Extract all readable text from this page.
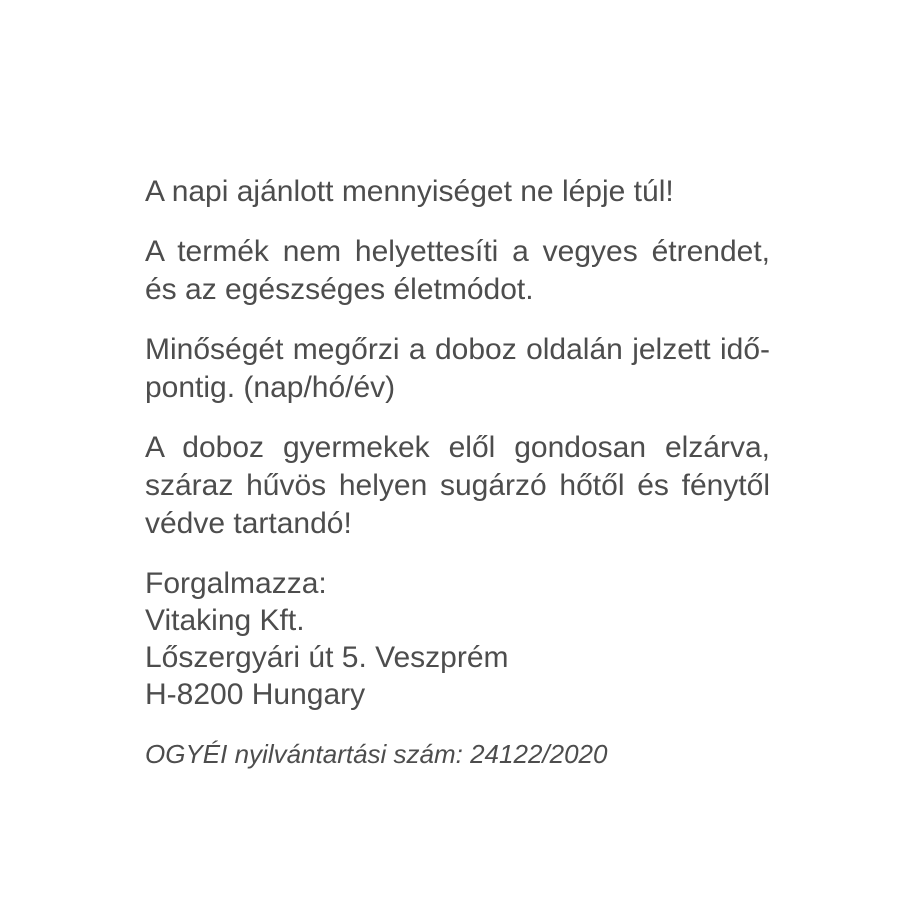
A napi ajánlott mennyiséget ne lépje túl!
A termék nem helyettesíti a vegyes étrendet,
és az egészséges életmódot.
Minőségét megőrzi a doboz oldalán jelzett idő-
pontig. (nap/hó/év)
A doboz gyermekek elől gondosan elzárva,
száraz hűvös helyen sugárzó hőtől és fénytől
védve tartandó!
Forgalmazza:
Vitaking Kft.
Lőszergyári út 5. Veszprém
H-8200 Hungary
OGYÉI nyilvántartási szám: 24122/2020
